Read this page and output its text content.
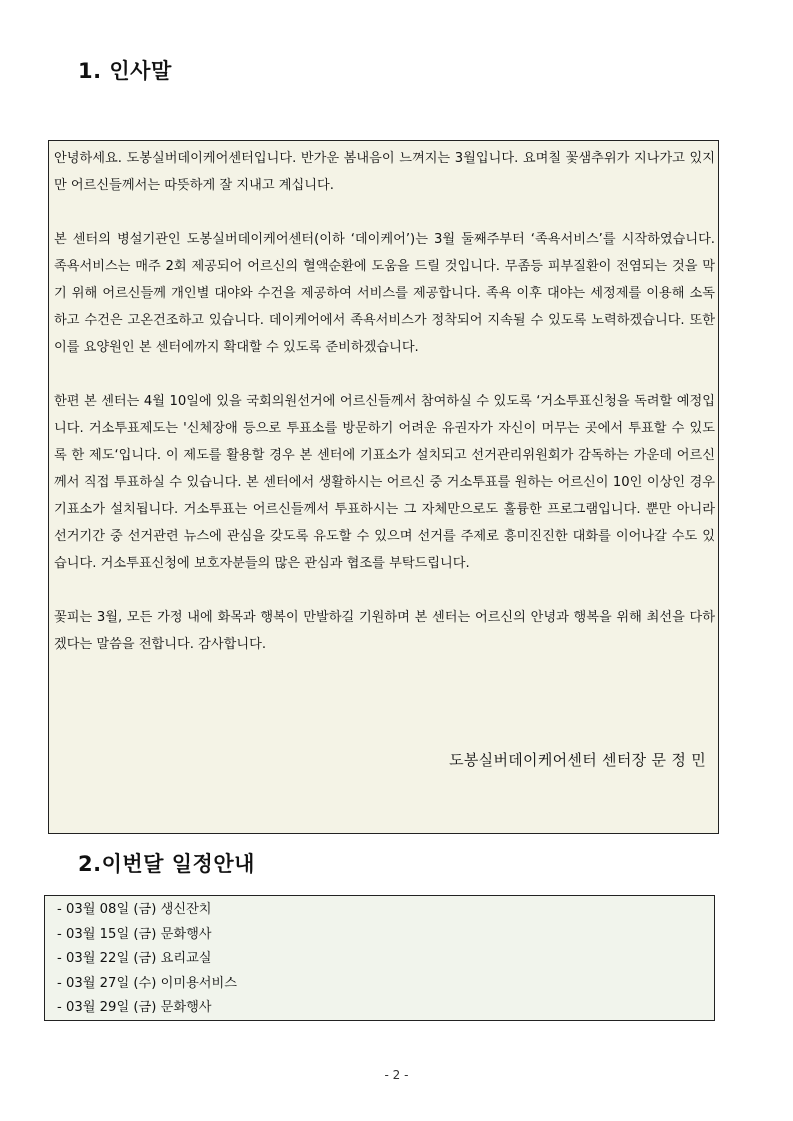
1. 인사말

안녕하세요. 도봉실버데이케어센터입니다. 반가운 봄내음이 느껴지는 3월입니다. 요며칠 꽃샘추위가 지나가고 있지만 어르신들께서는 따뜻하게 잘 지내고 계십니다.

본 센터의 병설기관인 도봉실버데이케어센터(이하 ‘데이케어’)는 3월 둘째주부터 ‘족욕서비스’를 시작하였습니다. 족욕서비스는 매주 2회 제공되어 어르신의 혈액순환에 도움을 드릴 것입니다. 무좀등 피부질환이 전염되는 것을 막기 위해 어르신들께 개인별 대야와 수건을 제공하여 서비스를 제공합니다. 족욕 이후 대야는 세정제를 이용해 소독하고 수건은 고온건조하고 있습니다. 데이케어에서 족욕서비스가 정착되어 지속될 수 있도록 노력하겠습니다. 또한 이를 요양원인 본 센터에까지 확대할 수 있도록 준비하겠습니다.

한편 본 센터는 4월 10일에 있을 국회의원선거에 어르신들께서 참여하실 수 있도록 ‘거소투표신청을 독려할 예정입니다. 거소투표제도는 '신체장애 등으로 투표소를 방문하기 어려운 유권자가 자신이 머무는 곳에서 투표할 수 있도록 한 제도‘입니다. 이 제도를 활용할 경우 본 센터에 기표소가 설치되고 선거관리위원회가 감독하는 가운데 어르신께서 직접 투표하실 수 있습니다. 본 센터에서 생활하시는 어르신 중 거소투표를 원하는 어르신이 10인 이상인 경우 기표소가 설치됩니다. 거소투표는 어르신들께서 투표하시는 그 자체만으로도 훌륭한 프로그램입니다. 뿐만 아니라 선거기간 중 선거관련 뉴스에 관심을 갖도록 유도할 수 있으며 선거를 주제로 흥미진진한 대화를 이어나갈 수도 있습니다. 거소투표신청에 보호자분들의 많은 관심과 협조를 부탁드립니다.

꽃피는 3월, 모든 가정 내에 화목과 행복이 만발하길 기원하며 본 센터는 어르신의 안녕과 행복을 위해 최선을 다하겠다는 말씀을 전합니다. 감사합니다.

도봉실버데이케어센터 센터장 문 정 민

2.이번달 일정안내
- 03월 08일 (금) 생신잔치
- 03월 15일 (금) 문화행사
- 03월 22일 (금) 요리교실
- 03월 27일 (수) 이미용서비스
- 03월 29일 (금) 문화행사

- 2 -
